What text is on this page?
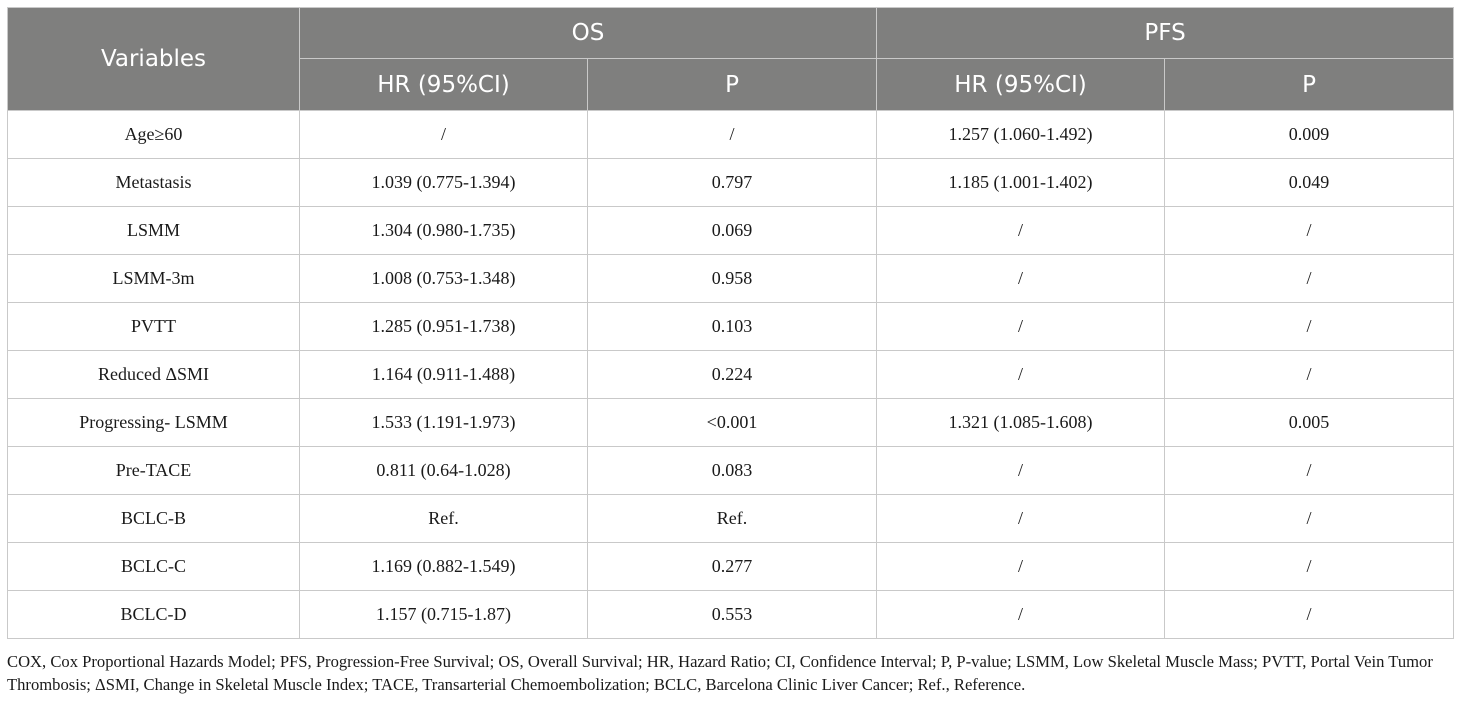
Variables	OS		PFS	
	HR (95%CI)	P	HR (95%CI)	P
Age≥60	/	/	1.257 (1.060-1.492)	0.009
Metastasis	1.039 (0.775-1.394)	0.797	1.185 (1.001-1.402)	0.049
LSMM	1.304 (0.980-1.735)	0.069	/	/
LSMM-3m	1.008 (0.753-1.348)	0.958	/	/
PVTT	1.285 (0.951-1.738)	0.103	/	/
Reduced ΔSMI	1.164 (0.911-1.488)	0.224	/	/
Progressing- LSMM	1.533 (1.191-1.973)	<0.001	1.321 (1.085-1.608)	0.005
Pre-TACE	0.811 (0.64-1.028)	0.083	/	/
BCLC-B	Ref.	Ref.	/	/
BCLC-C	1.169 (0.882-1.549)	0.277	/	/
BCLC-D	1.157 (0.715-1.87)	0.553	/	/

COX, Cox Proportional Hazards Model; PFS, Progression-Free Survival; OS, Overall Survival; HR, Hazard Ratio; CI, Confidence Interval; P, P-value; LSMM, Low Skeletal Muscle Mass; PVTT, Portal Vein Tumor Thrombosis; ΔSMI, Change in Skeletal Muscle Index; TACE, Transarterial Chemoembolization; BCLC, Barcelona Clinic Liver Cancer; Ref., Reference.
